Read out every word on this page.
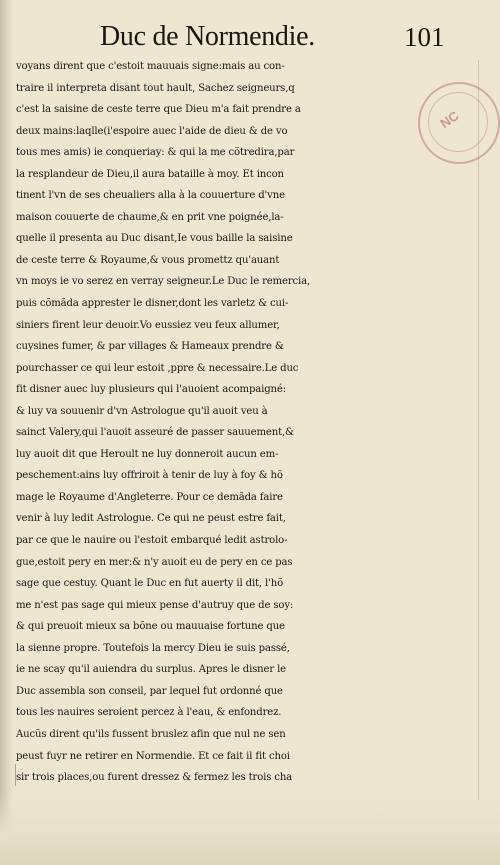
Duc de Normendie.	101
NC
voyans dirent que c'estoit mauuais signe:mais au con-
traire il interpreta disant tout hault, Sachez seigneurs,q
c'est la saisine de ceste terre que Dieu m'a fait prendre a
deux mains:laqlle(i'espoire auec l'aide de dieu & de vo
tous mes amis) ie conqueriay: & qui la me cõtredira,par
la resplandeur de Dieu,il aura bataille à moy. Et incon
tinent l'vn de ses cheualiers alla à la couuerture d'vne
maison couuerte de chaume,& en prit vne poignée,la-
quelle il presenta au Duc disant,Ie vous baille la saisine
de ceste terre & Royaume,& vous promettz qu'auant
vn moys ie vo serez en verray seigneur.Le Duc le remercia,
puis cõmãda apprester le disner,dont les varletz & cui-
siniers firent leur deuoir.Vo eussiez veu feux allumer,
cuysines fumer, & par villages & Hameaux prendre &
pourchasser ce qui leur estoit ,ppre & necessaire.Le duc
fit disner auec luy plusieurs qui l'auoient acompaigné:
& luy va souuenir d'vn Astrologue qu'il auoit veu à
sainct Valery,qui l'auoit asseuré de passer sauuement,&
luy auoit dit que Heroult ne luy donneroit aucun em-
peschement:ains luy offriroit à tenir de luy à foy & hõ
mage le Royaume d'Angleterre. Pour ce demãda faire
venir à luy ledit Astrologue. Ce qui ne peust estre fait,
par ce que le nauire ou l'estoit embarqué ledit astrolo-
gue,estoit pery en mer:& n'y auoit eu de pery en ce pas
sage que cestuy. Quant le Duc en fut auerty il dit, l'hõ
me n'est pas sage qui mieux pense d'autruy que de soy:
& qui preuoit mieux sa bõne ou mauuaise fortune que
la sienne propre. Toutefois la mercy Dieu ie suis passé,
ie ne scay qu'il auiendra du surplus. Apres le disner le
Duc assembla son conseil, par lequel fut ordonné que
tous les nauires seroient percez à l'eau, & enfondrez.
Aucũs dirent qu'ils fussent bruslez afin que nul ne sen
peust fuyr ne retirer en Normendie. Et ce fait il fit choi
sir trois places,ou furent dressez & fermez les trois cha
